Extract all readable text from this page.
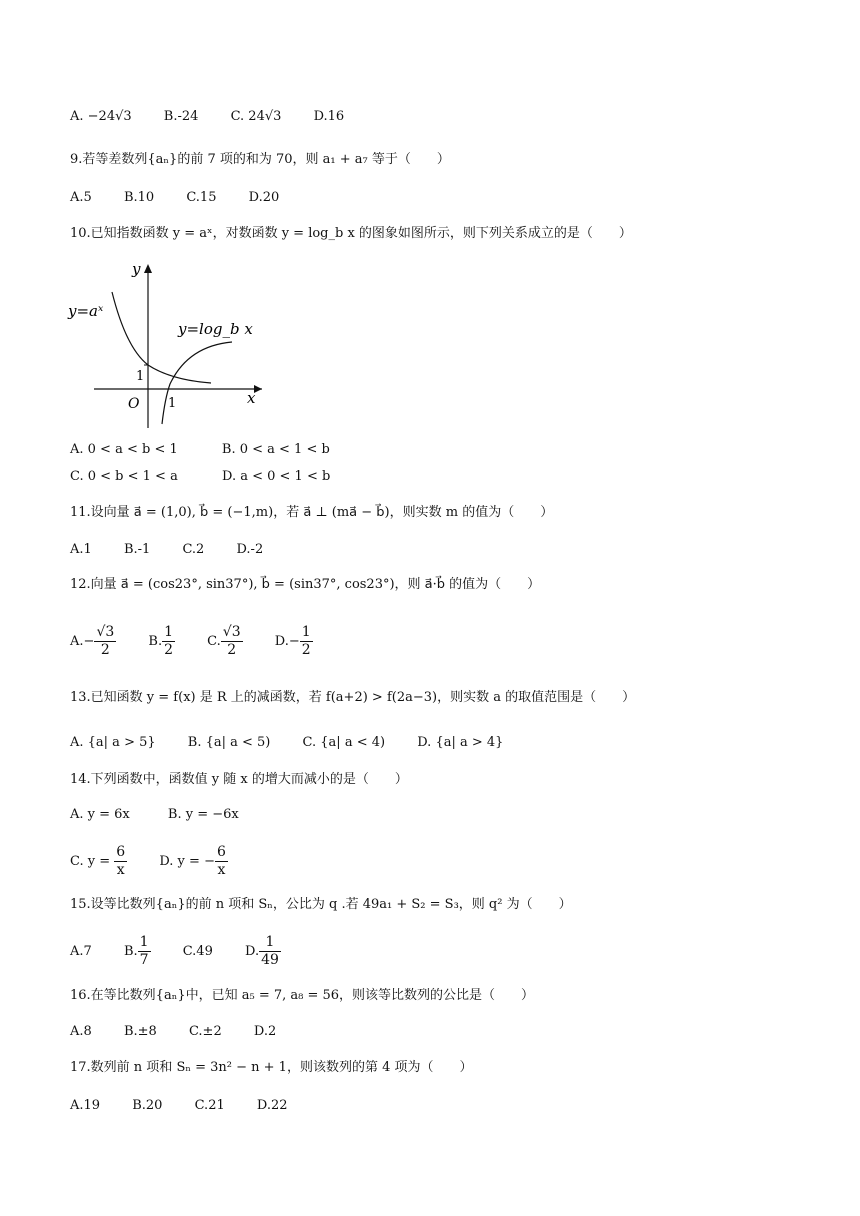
A. −24√3 B.-24 C. 24√3 D.16
9.若等差数列{aₙ}的前 7 项的和为 70，则 a₁ + a₇ 等于（　　）
A.5 B.10 C.15 D.20
10.已知指数函数 y = aˣ，对数函数 y = log_b x 的图象如图所示，则下列关系成立的是（　　）
y
x
O 1
1
y=aˣ
y=log_b x
A. 0 < a < b < 1	B. 0 < a < 1 < b
C. 0 < b < 1 < a	D. a < 0 < 1 < b
11.设向量 a⃗ = (1,0), b⃗ = (−1,m)，若 a⃗ ⊥ (ma⃗ − b⃗)，则实数 m 的值为（　　）
A.1 B.-1 C.2 D.-2
12.向量 a⃗ = (cos23°, sin37°), b⃗ = (sin37°, cos23°)，则 a⃗·b⃗ 的值为（　　）
$A.- \frac{√3}{2} B$. $\frac{1}{2} C$. $\frac{√3}{2} D.- \frac{1}{2}$
13.已知函数 y = f(x) 是 R 上的减函数，若 f(a+2) > f(2a−3)，则实数 a 的取值范围是（　　）
A. {a| a > 5} B. {a| a < 5) C. {a| a < 4) D. {a| a > 4}
14.下列函数中，函数值 y 随 x 的增大而减小的是（　　）
A. y = 6x	B. y = −6x
C. $y = \frac{6}{x} D$. y = − $\frac{6}{x}$
15.设等比数列{aₙ}的前 n 项和 Sₙ，公比为 q .若 49a₁ + S₂ = S₃，则 q² 为（　　）
A.7 B. $\frac{1}{7} C.49$ D. $\frac{1}{49}$
16.在等比数列{aₙ}中，已知 a₅ = 7, a₈ = 56，则该等比数列的公比是（　　）
A.8 B.±8 C.±2 D.2
17.数列前 n 项和 Sₙ = 3n² − n + 1，则该数列的第 4 项为（　　）
A.19 B.20 C.21 D.22
